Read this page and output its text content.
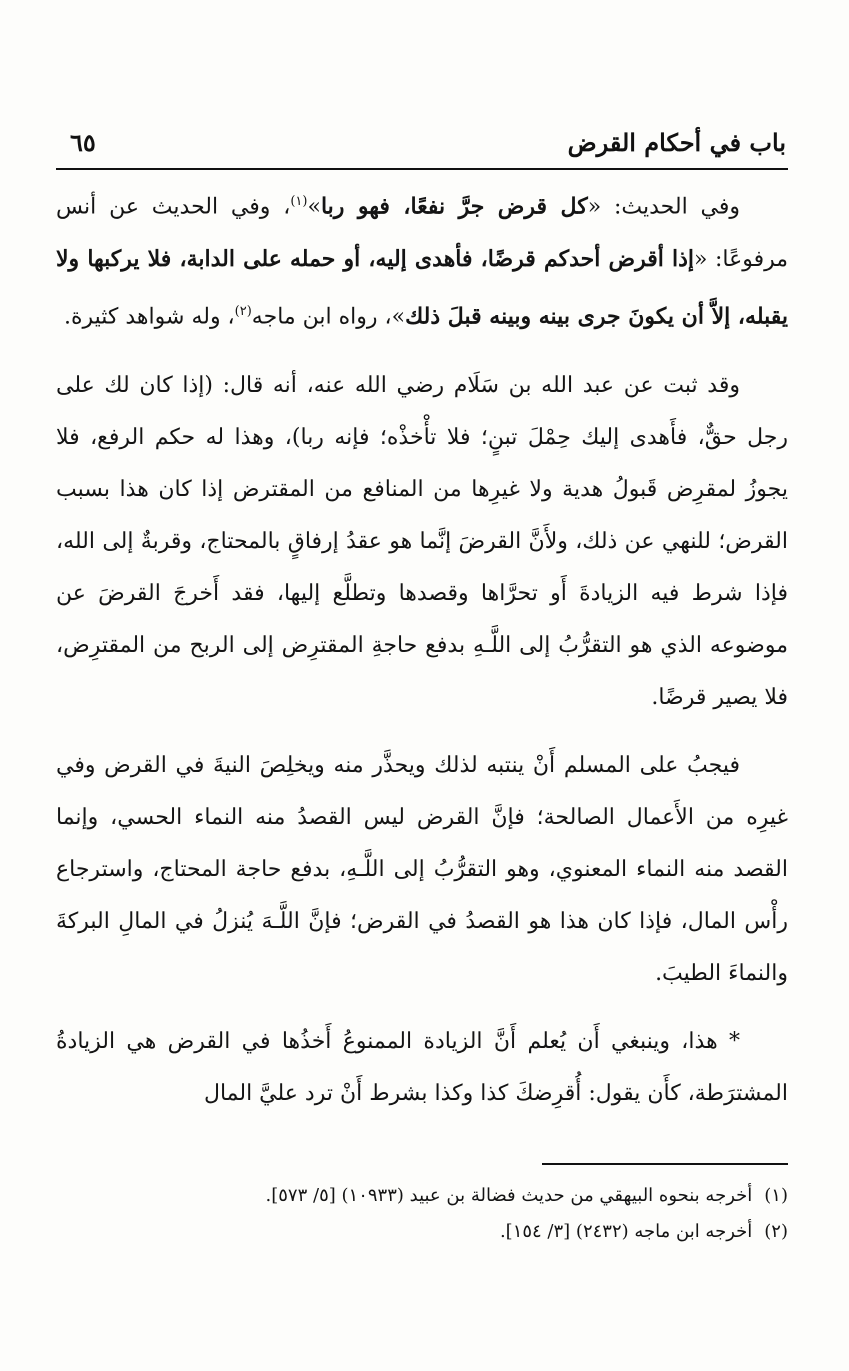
باب في أحكام القرض
٦٥

وفي الحديث: «كل قرض جرَّ نفعًا، فهو ربا»$^{(١)}$، وفي الحديث عن أنس مرفوعًا: «إذا أقرض أحدكم قرضًا، فأهدى إليه، أو حمله على الدابة، فلا يركبها ولا يقبله، إلاَّ أن يكونَ جرى بينه وبينه قبلَ ذلك»، رواه ابن ماجه$^{(٢)}$، وله شواهد كثيرة.

وقد ثبت عن عبد الله بن سَلَام رضي الله عنه، أنه قال: (إذا كان لك على رجل حقٌّ، فأَهدى إليك حِمْلَ تبنٍ؛ فلا تأْخذْه؛ فإنه ربا)، وهذا له حكم الرفع، فلا يجوزُ لمقرِض قَبولُ هدية ولا غيرِها من المنافع من المقترض إذا كان هذا بسبب القرض؛ للنهي عن ذلك، ولأَنَّ القرضَ إنَّما هو عقدُ إرفاقٍ بالمحتاج، وقربةٌ إلى الله، فإذا شرط فيه الزيادةَ أَو تحرَّاها وقصدها وتطلَّع إليها، فقد أَخرجَ القرضَ عن موضوعه الذي هو التقرُّبُ إلى اللَّـهِ بدفع حاجةِ المقترِض إلى الربح من المقترِض، فلا يصير قرضًا.

فيجبُ على المسلم أَنْ ينتبه لذلك ويحذَّر منه ويخلِصَ النيةَ في القرض وفي غيرِه من الأَعمال الصالحة؛ فإنَّ القرض ليس القصدُ منه النماء الحسي، وإنما القصد منه النماء المعنوي، وهو التقرُّبُ إلى اللَّـهِ، بدفع حاجة المحتاج، واسترجاع رأْس المال، فإذا كان هذا هو القصدُ في القرض؛ فإنَّ اللَّـهَ يُنزلُ في المالِ البركةَ والنماءَ الطيبَ.

* هذا، وينبغي أَن يُعلم أَنَّ الزيادة الممنوعُ أَخذُها في القرض هي الزيادةُ المشترَطة، كأَن يقول: أُقرِضكَ كذا وكذا بشرط أَنْ ترد عليَّ المال

(١)أخرجه بنحوه البيهقي من حديث فضالة بن عبيد (١٠٩٣٣) [٥/ ٥٧٣].
(٢)أخرجه ابن ماجه (٢٤٣٢) [٣/ ١٥٤].
